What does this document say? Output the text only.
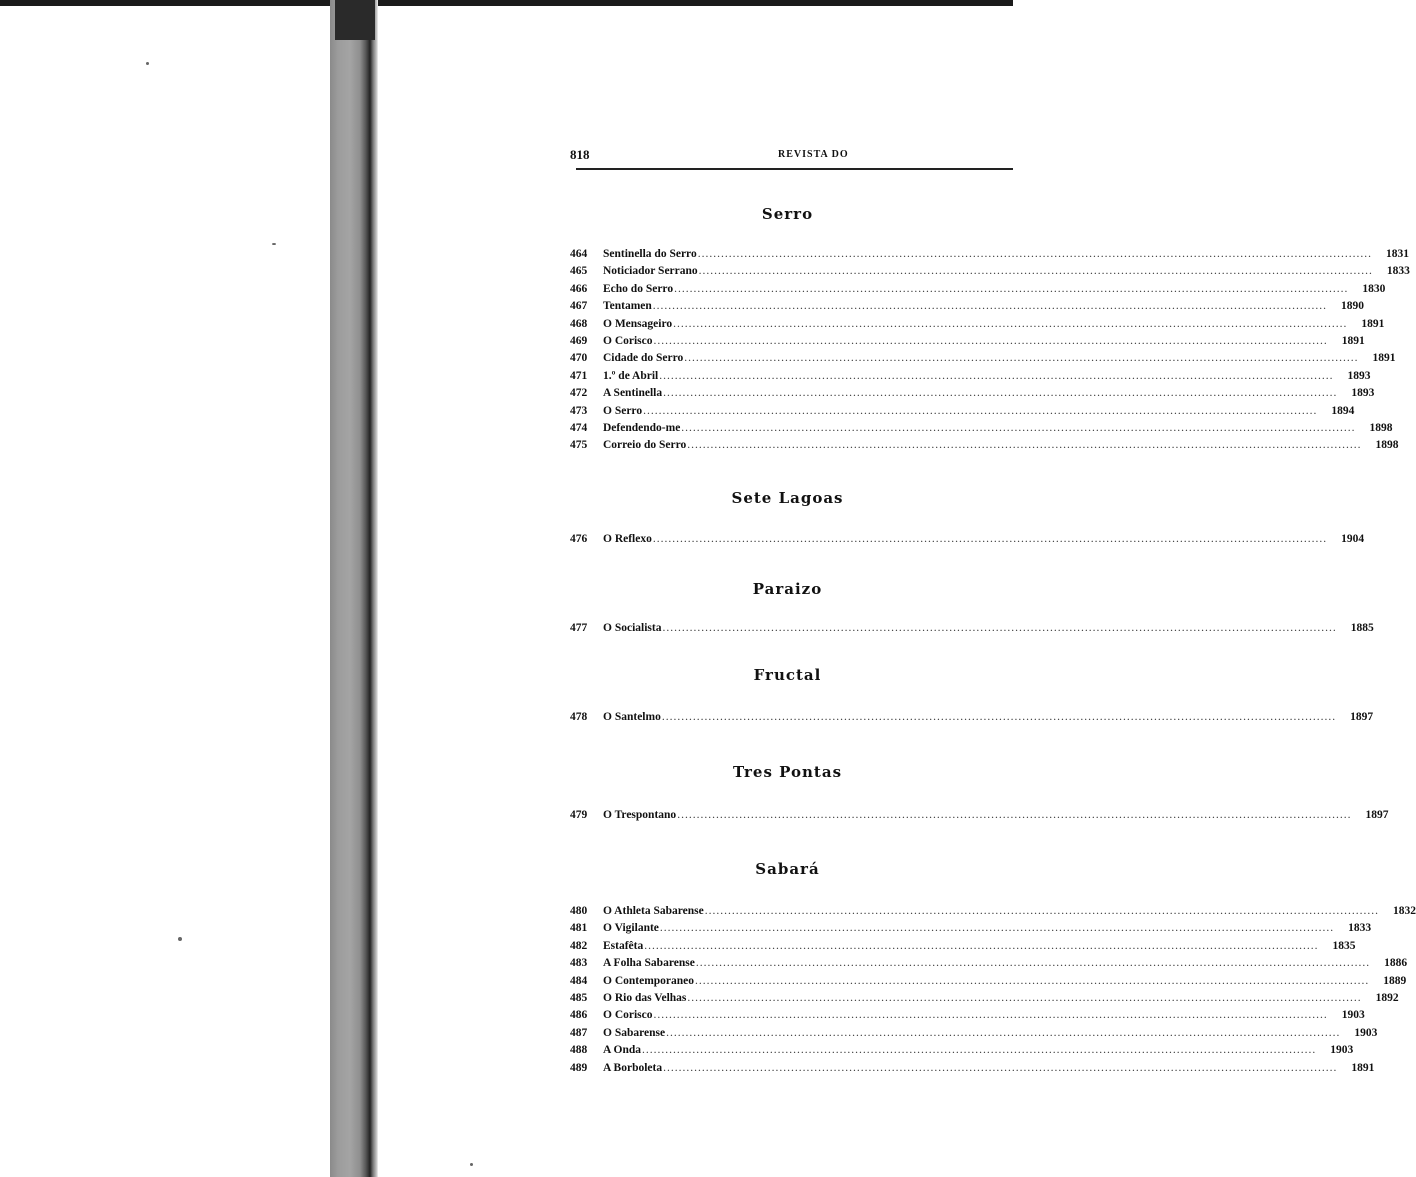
818	REVISTA DO
Serro
464	Sentinella do Serro .....	1831
465	Noticiador Serrano .....	1833
466	Echo do Serro .....	1830
467	Tentamen .....	1890
468	O Mensageiro .....	1891
469	O Corisco .....	1891
470	Cidade do Serro .....	1891
471	1.º de Abril .....	1893
472	A Sentinella .....	1893
473	O Serro .....	1894
474	Defendendo-me .....	1898
475	Correio do Serro .....	1898
Sete Lagoas
476	O Reflexo .....	1904
Paraizo
477	O Socialista .....	1885
Fructal
478	O Santelmo .....	1897
Tres Pontas
479	O Trespontano .....	1897
Sabará
480	O Athleta Sabarense .....	1832
481	O Vigilante .....	1833
482	Estafêta .....	1835
483	A Folha Sabarense .....	1886
484	O Contemporaneo .....	1889
485	O Rio das Velhas .....	1892
486	O Corisco .....	1903
487	O Sabarense .....	1903
488	A Onda .....	1903
489	A Borboleta .....	1891
